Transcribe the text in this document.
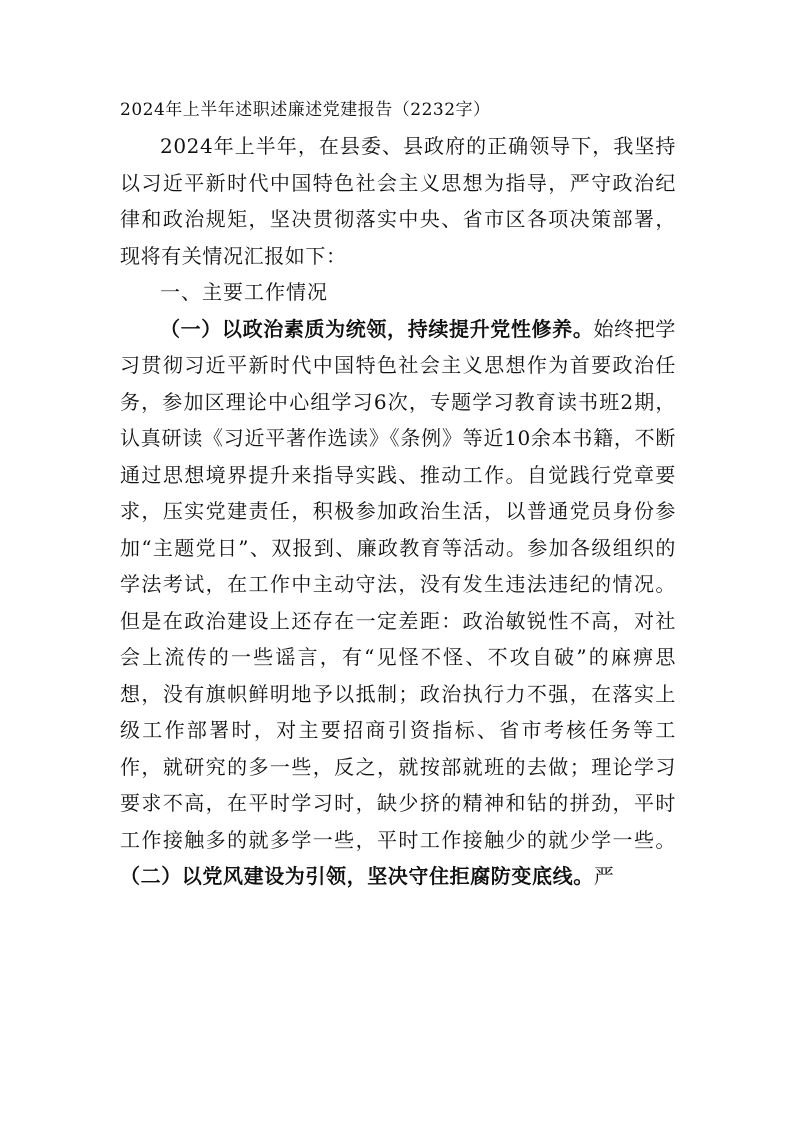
2024年上半年述职述廉述党建报告（2232字）

2024年上半年，在县委、县政府的正确领导下，我坚持以习近平新时代中国特色社会主义思想为指导，严守政治纪律和政治规矩，坚决贯彻落实中央、省市区各项决策部署，现将有关情况汇报如下：

一、主要工作情况

（一）以政治素质为统领，持续提升党性修养。始终把学习贯彻习近平新时代中国特色社会主义思想作为首要政治任务，参加区理论中心组学习6次，专题学习教育读书班2期，认真研读《习近平著作选读》《条例》等近10余本书籍，不断通过思想境界提升来指导实践、推动工作。自觉践行党章要求，压实党建责任，积极参加政治生活，以普通党员身份参加“主题党日”、双报到、廉政教育等活动。参加各级组织的学法考试，在工作中主动守法，没有发生违法违纪的情况。但是在政治建设上还存在一定差距：政治敏锐性不高，对社会上流传的一些谣言，有“见怪不怪、不攻自破”的麻痹思想，没有旗帜鲜明地予以抵制；政治执行力不强，在落实上级工作部署时，对主要招商引资指标、省市考核任务等工作，就研究的多一些，反之，就按部就班的去做；理论学习要求不高，在平时学习时，缺少挤的精神和钻的拼劲，平时工作接触多的就多学一些，平时工作接触少的就少学一些。（二）以党风建设为引领，坚决守住拒腐防变底线。严
